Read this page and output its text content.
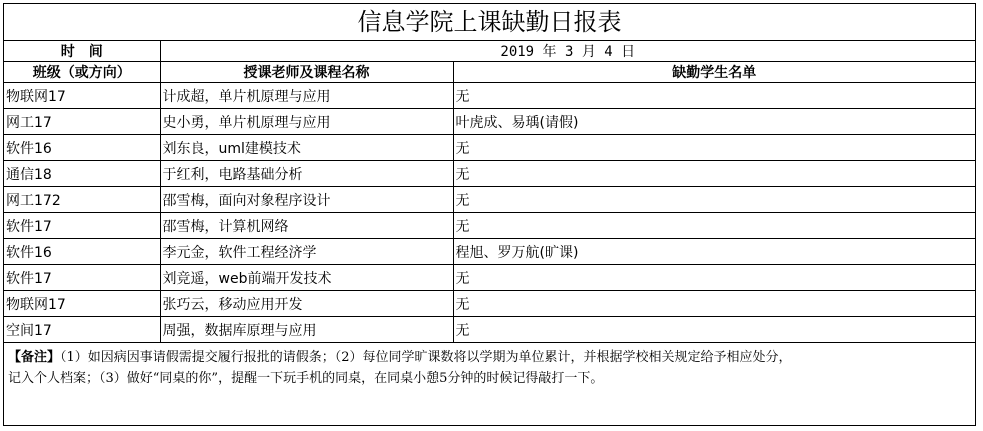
信息学院上课缺勤日报表
时　间	2019 年 3 月 4 日	
班级（或方向）	授课老师及课程名称	缺勤学生名单
物联网17	计成超，单片机原理与应用	无
网工17	史小勇，单片机原理与应用	叶虎成、易瑀(请假)
软件16	刘东良，uml建模技术	无
通信18	于红利，电路基础分析	无
网工172	邵雪梅，面向对象程序设计	无
软件17	邵雪梅，计算机网络	无
软件16	李元金，软件工程经济学	程旭、罗万航(旷课)
软件17	刘竞遥，web前端开发技术	无
物联网17	张巧云，移动应用开发	无
空间17	周强，数据库原理与应用	无
【备注】（1）如因病因事请假需提交履行报批的请假条；（2）每位同学旷课数将以学期为单位累计，并根据学校相关规定给予相应处分，
记入个人档案；（3）做好“同桌的你”，提醒一下玩手机的同桌，在同桌小憩5分钟的时候记得敲打一下。
